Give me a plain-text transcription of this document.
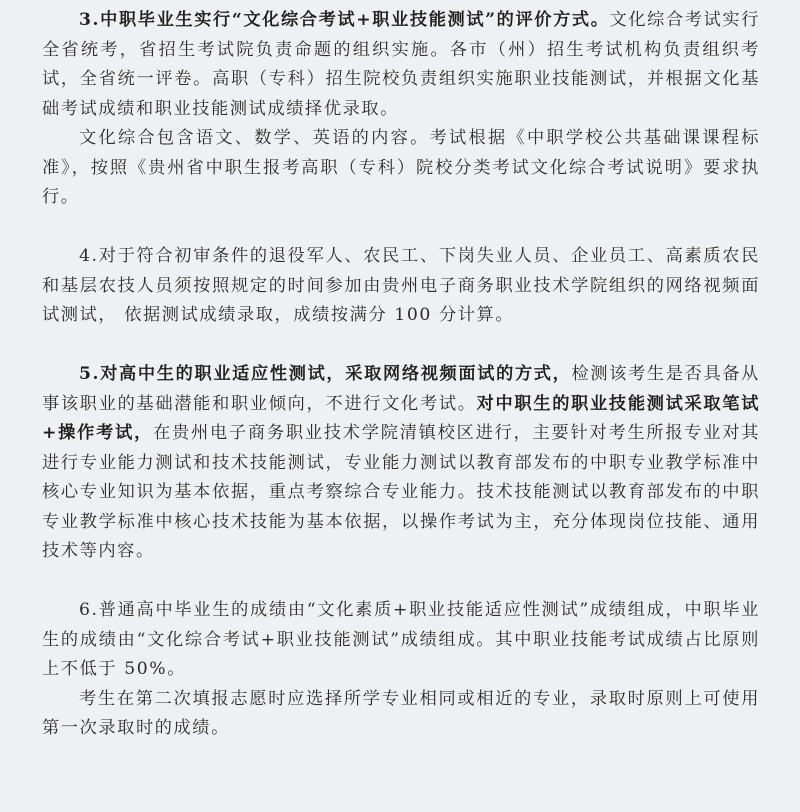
3.中职毕业生实行“文化综合考试+职业技能测试”的评价方式。文化综合考试实行全省统考，省招生考试院负责命题的组织实施。各市（州）招生考试机构负责组织考试，全省统一评卷。高职（专科）招生院校负责组织实施职业技能测试，并根据文化基础考试成绩和职业技能测试成绩择优录取。

文化综合包含语文、数学、英语的内容。考试根据《中职学校公共基础课课程标准》，按照《贵州省中职生报考高职（专科）院校分类考试文化综合考试说明》要求执行。

4.对于符合初审条件的退役军人、农民工、下岗失业人员、企业员工、高素质农民和基层农技人员须按照规定的时间参加由贵州电子商务职业技术学院组织的网络视频面试测试， 依据测试成绩录取，成绩按满分 100 分计算。

5.对高中生的职业适应性测试，采取网络视频面试的方式，检测该考生是否具备从事该职业的基础潜能和职业倾向，不进行文化考试。对中职生的职业技能测试采取笔试+操作考试，在贵州电子商务职业技术学院清镇校区进行，主要针对考生所报专业对其进行专业能力测试和技术技能测试，专业能力测试以教育部发布的中职专业教学标准中核心专业知识为基本依据，重点考察综合专业能力。技术技能测试以教育部发布的中职专业教学标准中核心技术技能为基本依据，以操作考试为主，充分体现岗位技能、通用技术等内容。

6.普通高中毕业生的成绩由“文化素质+职业技能适应性测试”成绩组成，中职毕业生的成绩由“文化综合考试+职业技能测试”成绩组成。其中职业技能考试成绩占比原则上不低于 50%。

考生在第二次填报志愿时应选择所学专业相同或相近的专业，录取时原则上可使用第一次录取时的成绩。
